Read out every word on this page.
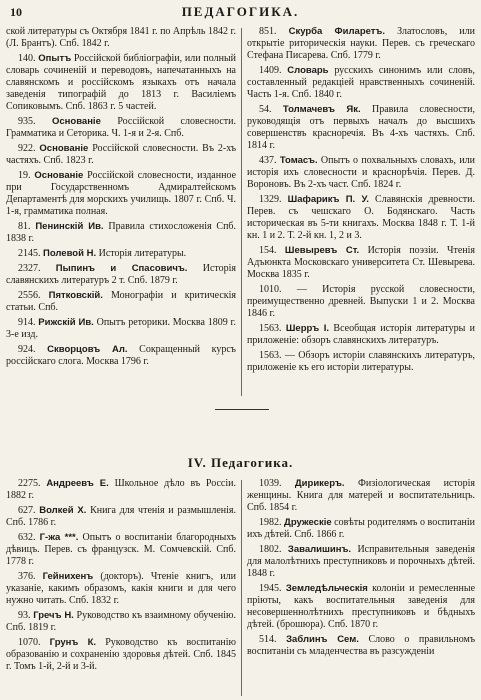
10	ПЕДАГОГИКА.

ской литературы съ Октября 1841 г. по Апрѣль 1842 г. (Л. Брантъ). Спб. 1842 г.

140. Опытъ Россійской библіографіи, или полный словарь сочиненій и переводовъ, напечатанныхъ на славянскомъ и россійскомъ языкахъ отъ начала заведенія типографій до 1813 г. Василіемъ Сопиковымъ. Спб. 1863 г. 5 частей.

935. Основаніе Россійской словесности. Грамматика и Сеторика. Ч. 1-я и 2-я. Спб.

922. Основаніе Россійской словесности. Въ 2-хъ частяхъ. Спб. 1823 г.

19. Основаніе Россійской словесности, изданное при Государственномъ Адмиралтейскомъ Департаментѣ для морскихъ училищь. 1807 г. Спб. Ч. 1-я, грамматика полная.

81. Пенинскій Ив. Правила стихосложенія Спб. 1838 г.

2145. Полевой Н. Исторія литературы.

2327. Пыпинъ и Спасовичъ. Исторія славянскихъ литературъ 2 т. Спб. 1879 г.

2556. Пятковскій. Монографіи и критическія статьи. Спб.

914. Рижскій Ив. Опытъ реторики. Москва 1809 г. 3-е изд.

924. Скворцовъ Ал. Сокращенный курсъ россійскаго слога. Москва 1796 г.

851. Скурба Филаретъ. Златословъ, или открытіе риторическія науки. Перев. съ греческаго Стефана Писарева. Спб. 1779 г.

1409. Словарь русскихъ синонимъ или словъ, составленный редакціей нравственныхъ сочиненій. Часть 1-я. Спб. 1840 г.

54. Толмачевъ Як. Правила словесности, руководящія отъ первыхъ началъ до высшихъ совершенствъ красноречія. Въ 4-хъ частяхъ. Спб. 1814 г.

437. Томасъ. Опытъ о похвальныхъ словахъ, или исторія ихъ словесности и краснорѣчія. Перев. Д. Вороновъ. Въ 2-хъ част. Спб. 1824 г.

1329. Шафарикъ П. У. Славянскія древности. Перев. съ чешскаго О. Бодянскаго. Часть историческая въ 5-ти книгахъ. Москва 1848 г. Т. 1-й кн. 1 и 2. Т. 2-й кн. 1, 2 и 3.

154. Шевыревъ Ст. Исторія поэзіи. Чтенія Адъюнкта Московскаго университета Ст. Шевырева. Москва 1835 г.

1010. — Исторія русской словесности, преимущественно древней. Выпуски 1 и 2. Москва 1846 г.

1563. Шерръ І. Всеобщая исторія литературы и приложеніе: обзоръ славянскихъ литературъ.

1563. — Обзоръ исторіи славянскихъ литературъ, приложеніе къ его исторіи литературы.

IV. Педагогика.

2275. Андреевъ Е. Школьное дѣло въ Россіи. 1882 г.

627. Волкей Х. Книга для чтенія и размышленія. Спб. 1786 г.

632. Г-жа ***. Опытъ о воспитаніи благородныхъ дѣвицъ. Перев. съ французск. М. Сомчевскій. Спб. 1778 г.

376. Гейнихенъ (докторъ). Чтеніе книгъ, или указаніе, какимъ образомъ, какія книги и для чего нужно читать. Спб. 1832 г.

93. Гречъ Н. Руководство къ взаимному обученію. Спб. 1819 г.

1070. Грунъ К. Руководство къ воспитанію образованію и сохраненію здоровья дѣтей. Спб. 1845 г. Томъ 1-й, 2-й и 3-й.

1039. Дирикеръ. Физіологическая исторія женщины. Книга для матерей и воспитательницъ. Спб. 1854 г.

1982. Дружескіе совѣты родителямъ о воспитаніи ихъ дѣтей. Спб. 1866 г.

1802. Завалишинъ. Исправительныя заведенія для малолѣтнихъ преступниковъ и порочныхъ дѣтей. 1848 г.

1945. Земледѣльческія колоніи и ремесленные пріюты, какъ воспитательныя заведенія для несовершеннолѣтнихъ преступниковъ и бѣдныхъ дѣтей. (брошюра). Спб. 1870 г.

514. Заблинъ Сем. Слово о правильномъ воспитаніи съ младенчества въ разсужденіи
